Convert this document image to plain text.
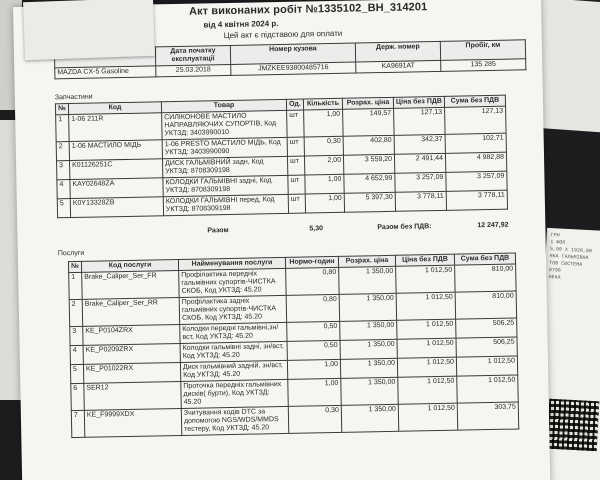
ГРН
1 ФОП
5,00 Х 1920,00
НКА ГАЛЬМІВНА
ТОВ СИСТЕМА
8706
НЕКА
Акт виконаних робіт №1335102_BH_314201
від 4 квітня 2024 р.
Цей акт є підставою для оплати
	Дата початку експлуатації	Номер кузова	Держ. номер	Пробіг, км
MAZDA CX-5 Gasoline	25.03.2018	JMZKEE93800485716	KA9691AT	135 285
Запчастини
№	Код	Товар	Од.	Кількість	Розрах. ціна	Ціна без ПДВ	Сума без ПДВ
1	1-06 211R	СИЛІКОНОВЕ МАСТИЛО НАПРАВЛЯЮЧИХ СУПОРТІВ, Код УКТЗД: 3403990010	шт	1,00	149,57	127,13	127,13
2	1-06 МАСТИЛО МІДЬ	1-06 PRESTO МАСТИЛО МІДЬ, Код УКТЗД: 3403990090	шт	0,30	402,80	342,37	102,71
3	K01126251C	ДИСК ГАЛЬМІВНИЙ задн, Код УКТЗД: 8708309198	шт	2,00	3 559,20	2 491,44	4 982,88
4	KAY02648ZA	КОЛОДКИ ГАЛЬМІВНІ задні, Код УКТЗД: 8708309198	шт	1,00	4 652,99	3 257,09	3 257,09
5	K0Y13328ZB	КОЛОДКИ ГАЛЬМІВНІ перед, Код УКТЗД: 8708309198	шт	1,00	5 397,30	3 778,11	3 778,11
Разом	5,30	Разом без ПДВ:	12 247,92
Послуги
№	Код послуги	Найменування послуги	Нормо-годин	Розрах. ціна	Ціна без ПДВ	Сума без ПДВ
1	Brake_Caliper_Ser_FR	Профілактика передніх гальмівних супортів-ЧИСТКА СКОБ, Код УКТЗД: 45.20	0,80	1 350,00	1 012,50	810,00
2	Brake_Caliper_Ser_RR	Профілактика задніх гальмівних супортів-ЧИСТКА СКОБ, Код УКТЗД: 45.20	0,80	1 350,00	1 012,50	810,00
3	KE_P0104ZRX	Колодки передні гальмівні,зн/вст, Код УКТЗД: 45.20	0,50	1 350,00	1 012,50	506,25
4	KE_P0209ZRX	Колодки гальмівні задні, зн/вст, Код УКТЗД: 45.20	0,50	1 350,00	1 012,50	506,25
5	KE_P01022RX	Диск гальмівний задній, зн/вст, Код УКТЗД: 45.20	1,00	1 350,00	1 012,50	1 012,50
6	SER12	Проточка передніх гальмівних дисків( бурти), Код УКТЗД: 45.20	1,00	1 350,00	1 012,50	1 012,50
7	KE_F9999XDX	Зчитування кодів DTC за допомогою NGS/WDS/MMDS тестеру, Код УКТЗД: 45.20	0,30	1 350,00	1 012,50	303,75
